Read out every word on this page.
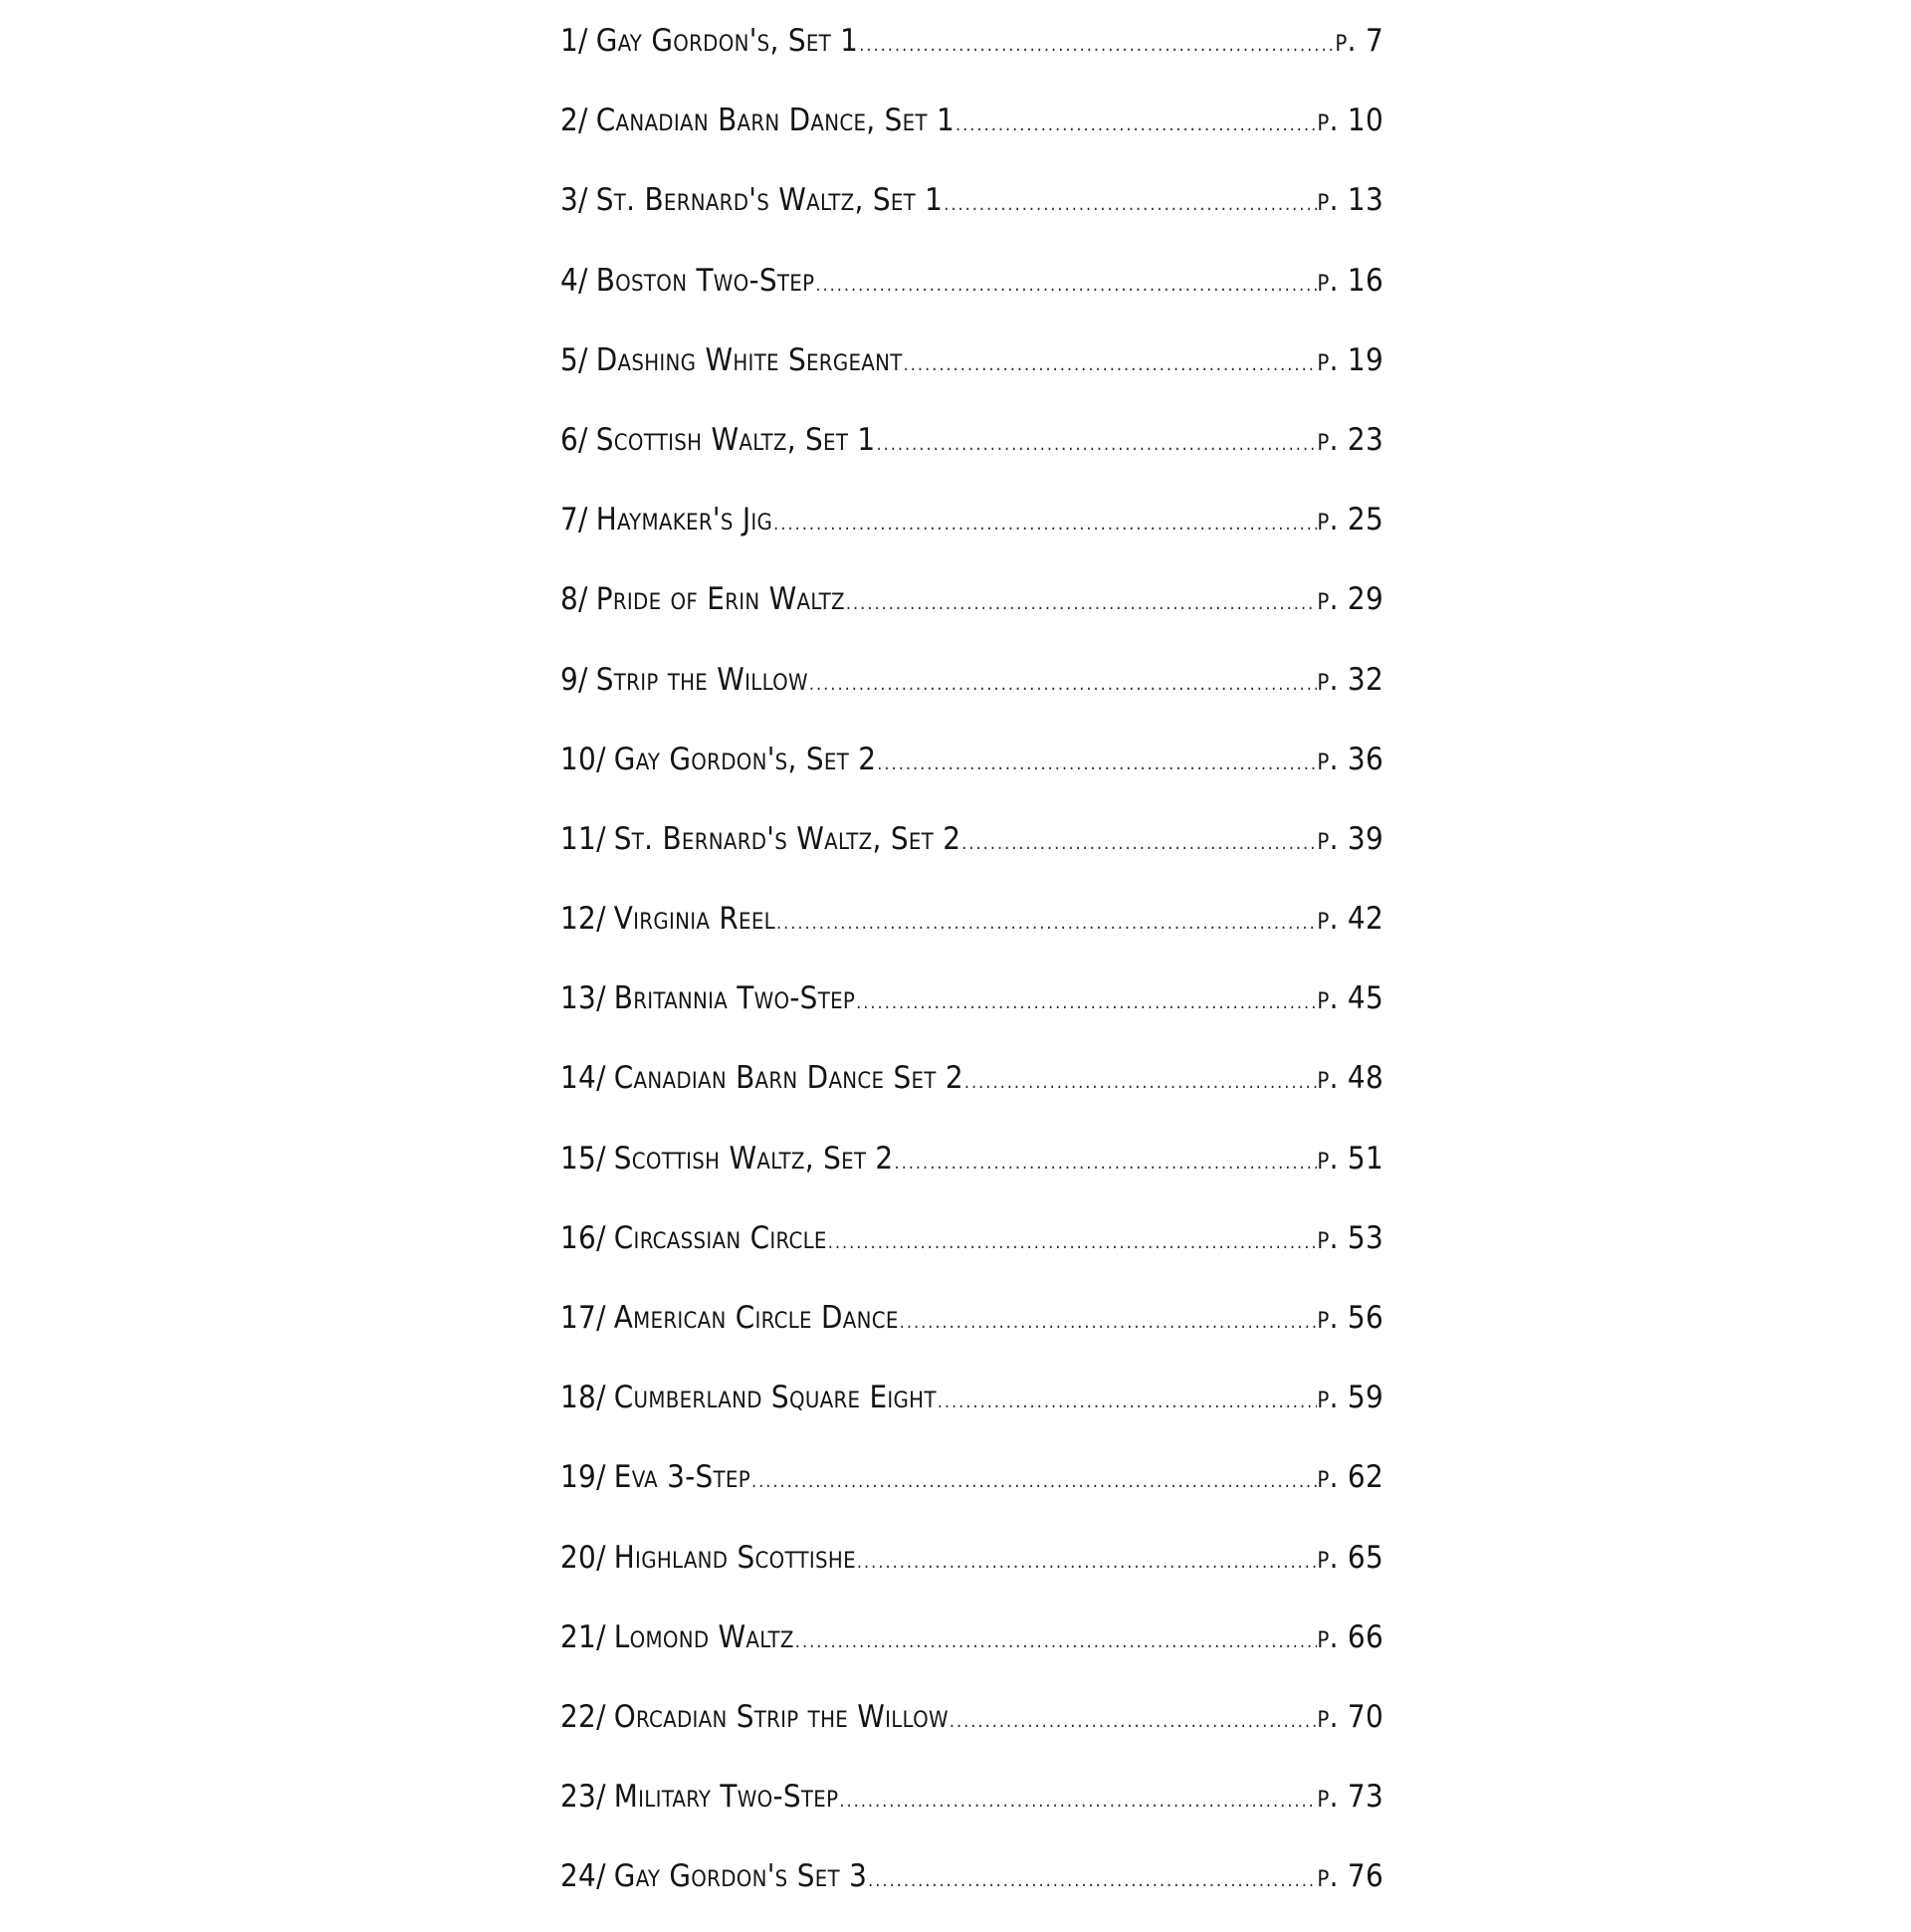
1/ Gay Gordon's, Set 1 .....	p. 7
2/ Canadian Barn Dance, Set 1 .....	p. 10
3/ St. Bernard's Waltz, Set 1 .....	p. 13
4/ Boston Two-Step .....	p. 16
5/ Dashing White Sergeant .....	p. 19
6/ Scottish Waltz, Set 1 .....	p. 23
7/ Haymaker's Jig .....	p. 25
8/ Pride of Erin Waltz .....	p. 29
9/ Strip the Willow .....	p. 32
10/ Gay Gordon's, Set 2 .....	p. 36
11/ St. Bernard's Waltz, Set 2 .....	p. 39
12/ Virginia Reel .....	p. 42
13/ Britannia Two-Step .....	p. 45
14/ Canadian Barn Dance Set 2 .....	p. 48
15/ Scottish Waltz, Set 2 .....	p. 51
16/ Circassian Circle .....	p. 53
17/ American Circle Dance .....	p. 56
18/ Cumberland Square Eight .....	p. 59
19/ Eva 3-Step .....	p. 62
20/ Highland Scottishe .....	p. 65
21/ Lomond Waltz .....	p. 66
22/ Orcadian Strip the Willow .....	p. 70
23/ Military Two-Step .....	p. 73
24/ Gay Gordon's Set 3 .....	p. 76
